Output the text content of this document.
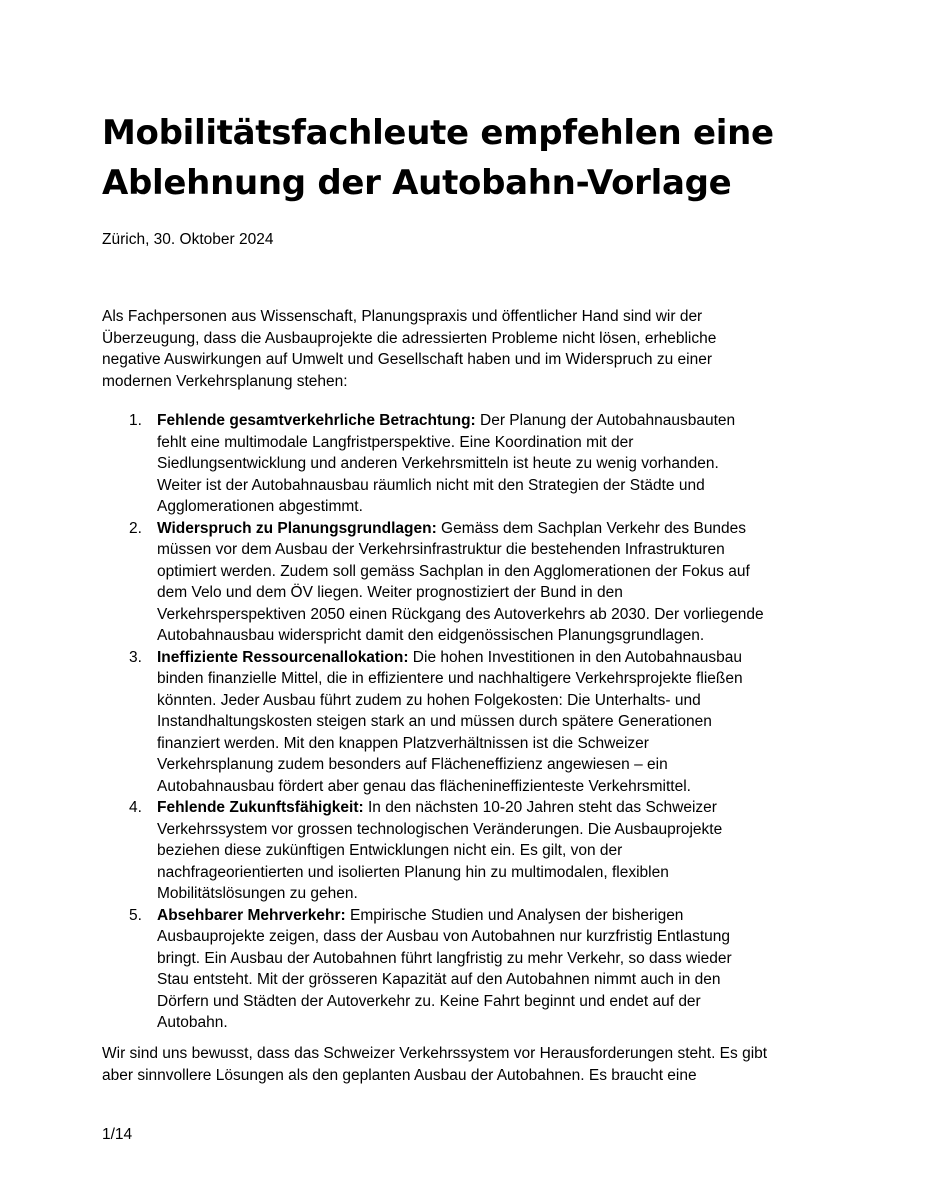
Mobilitätsfachleute empfehlen eine
Ablehnung der Autobahn-Vorlage
Zürich, 30. Oktober 2024
Als Fachpersonen aus Wissenschaft, Planungspraxis und öffentlicher Hand sind wir der
Überzeugung, dass die Ausbauprojekte die adressierten Probleme nicht lösen, erhebliche
negative Auswirkungen auf Umwelt und Gesellschaft haben und im Widerspruch zu einer
modernen Verkehrsplanung stehen:
1. Fehlende gesamtverkehrliche Betrachtung: Der Planung der Autobahnausbauten
fehlt eine multimodale Langfristperspektive. Eine Koordination mit der
Siedlungsentwicklung und anderen Verkehrsmitteln ist heute zu wenig vorhanden.
Weiter ist der Autobahnausbau räumlich nicht mit den Strategien der Städte und
Agglomerationen abgestimmt.
2. Widerspruch zu Planungsgrundlagen: Gemäss dem Sachplan Verkehr des Bundes
müssen vor dem Ausbau der Verkehrsinfrastruktur die bestehenden Infrastrukturen
optimiert werden. Zudem soll gemäss Sachplan in den Agglomerationen der Fokus auf
dem Velo und dem ÖV liegen. Weiter prognostiziert der Bund in den
Verkehrsperspektiven 2050 einen Rückgang des Autoverkehrs ab 2030. Der vorliegende
Autobahnausbau widerspricht damit den eidgenössischen Planungsgrundlagen.
3. Ineffiziente Ressourcenallokation: Die hohen Investitionen in den Autobahnausbau
binden finanzielle Mittel, die in effizientere und nachhaltigere Verkehrsprojekte fließen
könnten. Jeder Ausbau führt zudem zu hohen Folgekosten: Die Unterhalts- und
Instandhaltungskosten steigen stark an und müssen durch spätere Generationen
finanziert werden. Mit den knappen Platzverhältnissen ist die Schweizer
Verkehrsplanung zudem besonders auf Flächeneffizienz angewiesen – ein
Autobahnausbau fördert aber genau das flächenineffizienteste Verkehrsmittel.
4. Fehlende Zukunftsfähigkeit: In den nächsten 10-20 Jahren steht das Schweizer
Verkehrssystem vor grossen technologischen Veränderungen. Die Ausbauprojekte
beziehen diese zukünftigen Entwicklungen nicht ein. Es gilt, von der
nachfrageorientierten und isolierten Planung hin zu multimodalen, flexiblen
Mobilitätslösungen zu gehen.
5. Absehbarer Mehrverkehr: Empirische Studien und Analysen der bisherigen
Ausbauprojekte zeigen, dass der Ausbau von Autobahnen nur kurzfristig Entlastung
bringt. Ein Ausbau der Autobahnen führt langfristig zu mehr Verkehr, so dass wieder
Stau entsteht. Mit der grösseren Kapazität auf den Autobahnen nimmt auch in den
Dörfern und Städten der Autoverkehr zu. Keine Fahrt beginnt und endet auf der
Autobahn.
Wir sind uns bewusst, dass das Schweizer Verkehrssystem vor Herausforderungen steht. Es gibt
aber sinnvollere Lösungen als den geplanten Ausbau der Autobahnen. Es braucht eine
1/14
